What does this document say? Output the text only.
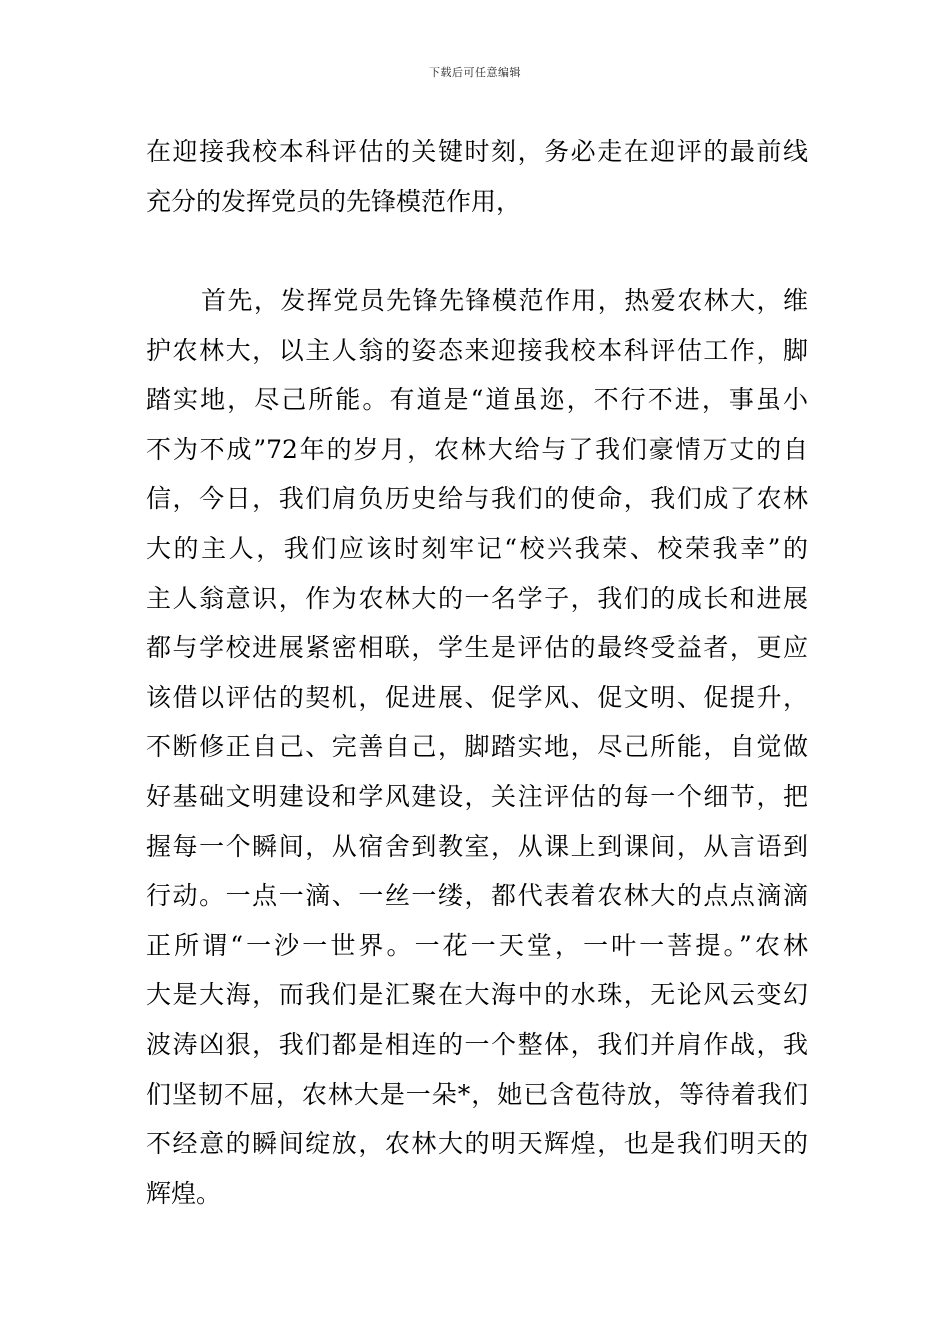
下载后可任意编辑
在迎接我校本科评估的关键时刻，务必走在迎评的最前线
充分的发挥党员的先锋模范作用，
首先，发挥党员先锋先锋模范作用，热爱农林大，维
护农林大，以主人翁的姿态来迎接我校本科评估工作，脚
踏实地，尽己所能。有道是“道虽迩，不行不进，事虽小
不为不成”72年的岁月，农林大给与了我们豪情万丈的自
信，今日，我们肩负历史给与我们的使命，我们成了农林
大的主人，我们应该时刻牢记“校兴我荣、校荣我幸”的
主人翁意识，作为农林大的一名学子，我们的成长和进展
都与学校进展紧密相联，学生是评估的最终受益者，更应
该借以评估的契机，促进展、促学风、促文明、促提升，
不断修正自己、完善自己，脚踏实地，尽己所能，自觉做
好基础文明建设和学风建设，关注评估的每一个细节，把
握每一个瞬间，从宿舍到教室，从课上到课间，从言语到
行动。一点一滴、一丝一缕，都代表着农林大的点点滴滴
正所谓“一沙一世界。一花一天堂，一叶一菩提。”农林
大是大海，而我们是汇聚在大海中的水珠，无论风云变幻
波涛凶狠，我们都是相连的一个整体，我们并肩作战，我
们坚韧不屈，农林大是一朵*，她已含苞待放，等待着我们
不经意的瞬间绽放，农林大的明天辉煌，也是我们明天的
辉煌。
